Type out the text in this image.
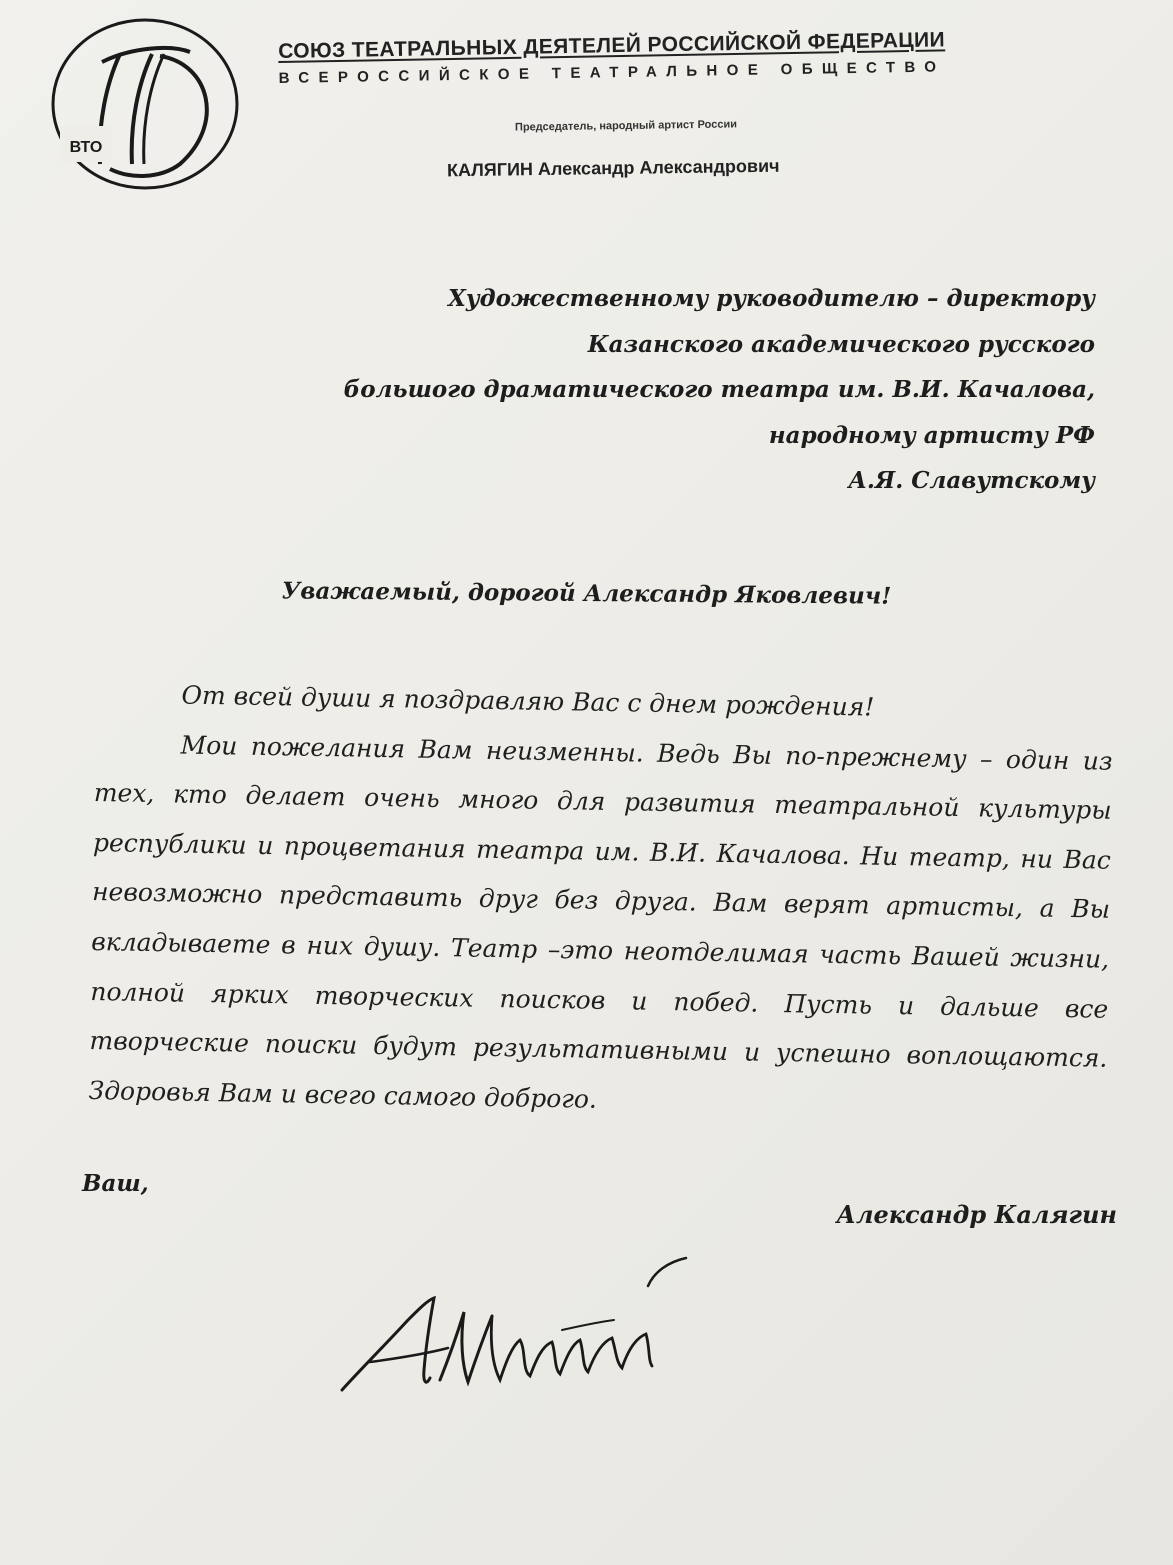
ВТО
СОЮЗ ТЕАТРАЛЬНЫХ ДЕЯТЕЛЕЙ РОССИЙСКОЙ ФЕДЕРАЦИИ
ВСЕРОССИЙСКОЕ ТЕАТРАЛЬНОЕ ОБЩЕСТВО
Председатель, народный артист России
КАЛЯГИН Александр Александрович
Художественному руководителю – директору
Казанского академического русского
большого драматического театра им. В.И. Качалова,
народному артисту РФ
А.Я. Славутскому
Уважаемый, дорогой Александр Яковлевич!

От всей души я поздравляю Вас с днем рождения!

Мои пожелания Вам неизменны. Ведь Вы по-прежнему – один из тех, кто делает очень много для развития театральной культуры республики и процветания театра им. В.И. Качалова. Ни театр, ни Вас невозможно представить друг без друга. Вам верят артисты, а Вы вкладываете в них душу. Театр –это неотделимая часть Вашей жизни, полной ярких творческих поисков и побед. Пусть и дальше все творческие поиски будут результативными и успешно воплощаются. Здоровья Вам и всего самого доброго.

Ваш,
Александр Калягин
